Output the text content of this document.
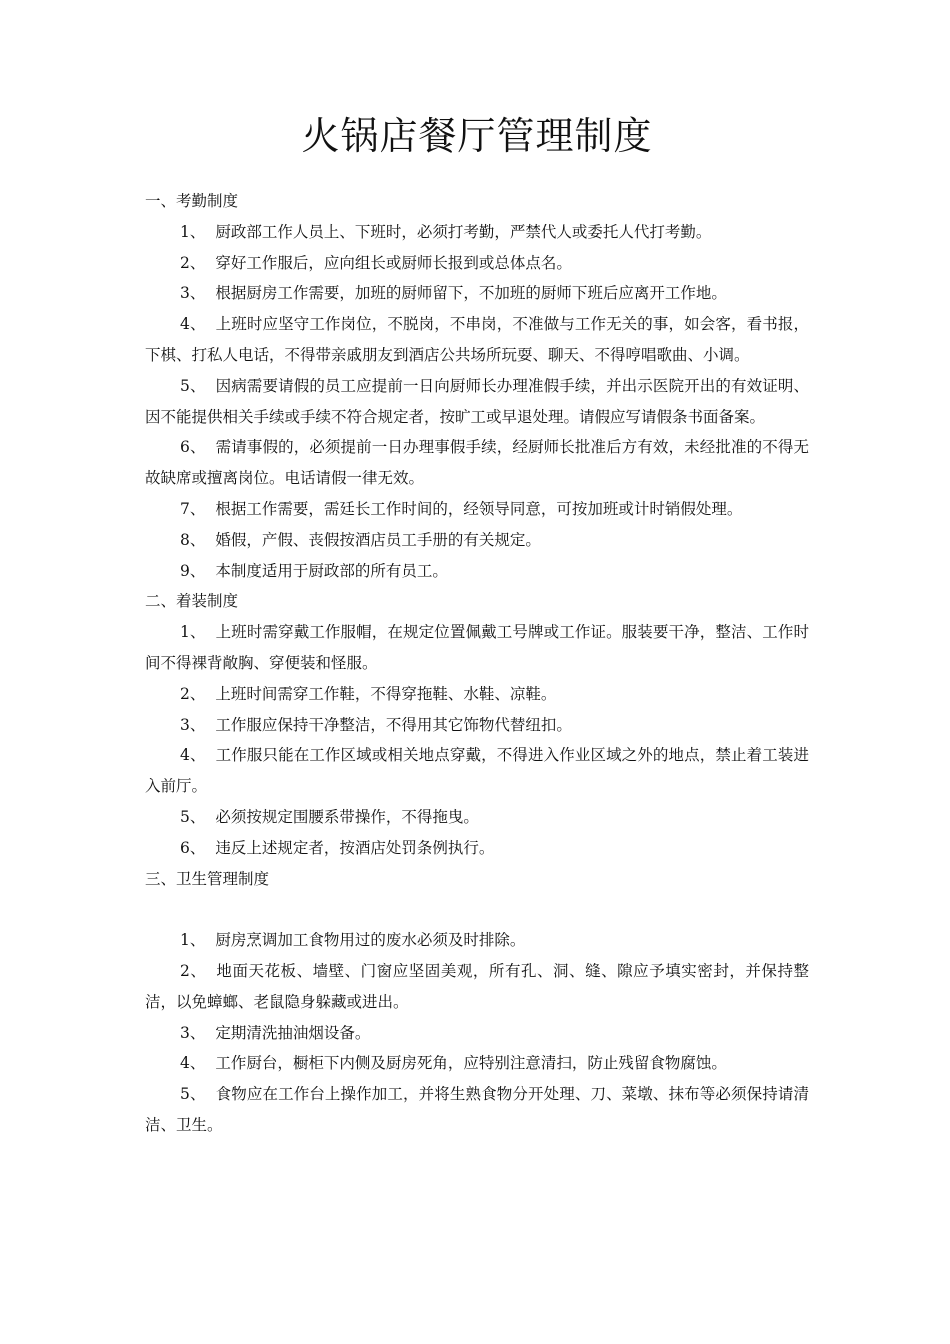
火锅店餐厅管理制度

一、考勤制度

1、 厨政部工作人员上、下班时，必须打考勤，严禁代人或委托人代打考勤。

2、 穿好工作服后，应向组长或厨师长报到或总体点名。

3、 根据厨房工作需要，加班的厨师留下，不加班的厨师下班后应离开工作地。

4、 上班时应坚守工作岗位，不脱岗，不串岗，不准做与工作无关的事，如会客，看书报，下棋、打私人电话，不得带亲戚朋友到酒店公共场所玩耍、聊天、不得哼唱歌曲、小调。

5、 因病需要请假的员工应提前一日向厨师长办理准假手续，并出示医院开出的有效证明、因不能提供相关手续或手续不符合规定者，按旷工或早退处理。请假应写请假条书面备案。

6、 需请事假的，必须提前一日办理事假手续，经厨师长批准后方有效，未经批准的不得无故缺席或擅离岗位。电话请假一律无效。

7、 根据工作需要，需廷长工作时间的，经领导同意，可按加班或计时销假处理。

8、 婚假，产假、丧假按酒店员工手册的有关规定。

9、 本制度适用于厨政部的所有员工。

二、着装制度

1、 上班时需穿戴工作服帽，在规定位置佩戴工号牌或工作证。服装要干净，整洁、工作时间不得裸背敞胸、穿便装和怪服。

2、 上班时间需穿工作鞋，不得穿拖鞋、水鞋、凉鞋。

3、 工作服应保持干净整洁，不得用其它饰物代替纽扣。

4、 工作服只能在工作区域或相关地点穿戴，不得进入作业区域之外的地点，禁止着工装进入前厅。

5、 必须按规定围腰系带操作，不得拖曳。

6、 违反上述规定者，按酒店处罚条例执行。

三、卫生管理制度

1、 厨房烹调加工食物用过的废水必须及时排除。

2、 地面天花板、墙壁、门窗应坚固美观，所有孔、洞、缝、隙应予填实密封，并保持整洁，以免蟑螂、老鼠隐身躲藏或进出。

3、 定期清洗抽油烟设备。

4、 工作厨台，橱柜下内侧及厨房死角，应特别注意清扫，防止残留食物腐蚀。

5、 食物应在工作台上操作加工，并将生熟食物分开处理、刀、菜墩、抹布等必须保持请清洁、卫生。
